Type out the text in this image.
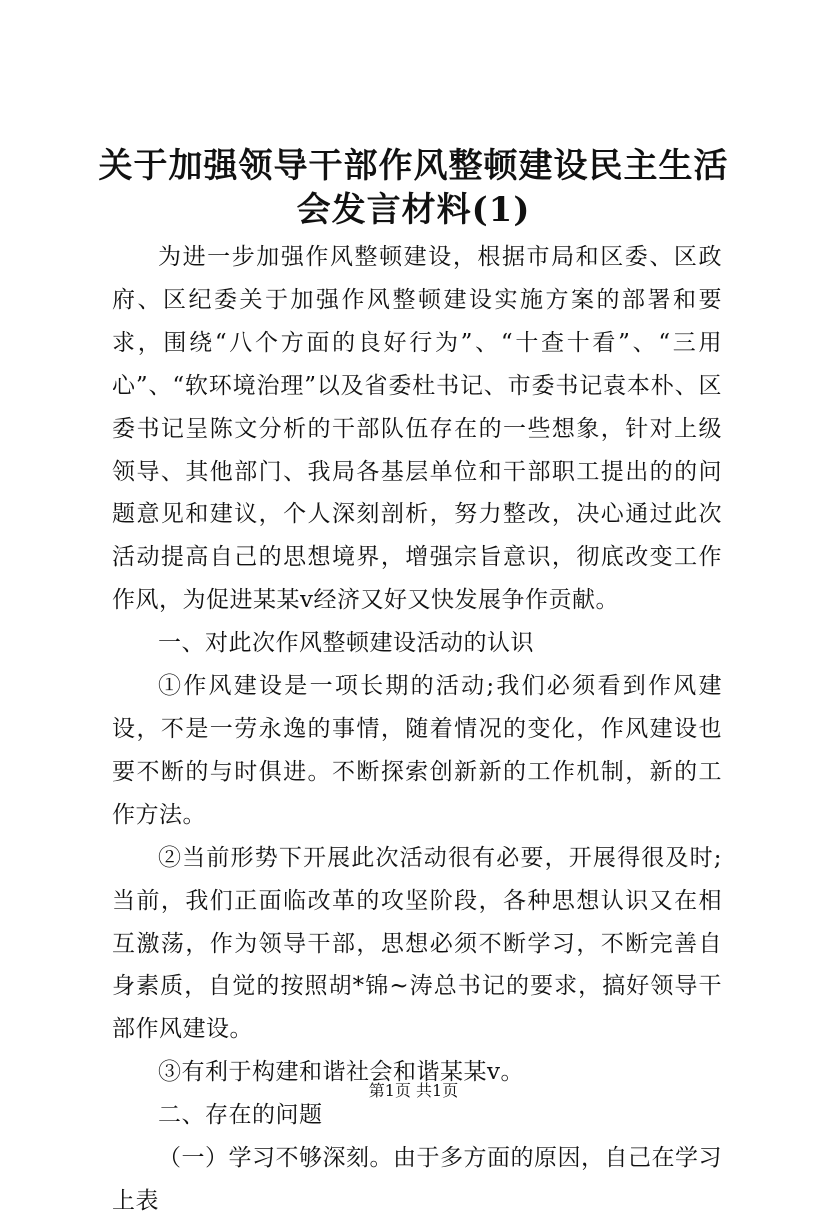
关于加强领导干部作风整顿建设民主生活会发言材料(1)

为进一步加强作风整顿建设，根据市局和区委、区政府、区纪委关于加强作风整顿建设实施方案的部署和要求，围绕“八个方面的良好行为”、“十查十看”、“三用心”、“软环境治理”以及省委杜书记、市委书记袁本朴、区委书记呈陈文分析的干部队伍存在的一些想象，针对上级领导、其他部门、我局各基层单位和干部职工提出的的问题意见和建议，个人深刻剖析，努力整改，决心通过此次活动提高自己的思想境界，增强宗旨意识，彻底改变工作作风，为促进某某v经济又好又快发展争作贡献。

一、对此次作风整顿建设活动的认识

①作风建设是一项长期的活动;我们必须看到作风建设，不是一劳永逸的事情，随着情况的变化，作风建设也要不断的与时俱进。不断探索创新新的工作机制，新的工作方法。

②当前形势下开展此次活动很有必要，开展得很及时;当前，我们正面临改革的攻坚阶段，各种思想认识又在相互激荡，作为领导干部，思想必须不断学习，不断完善自身素质，自觉的按照胡*锦~涛总书记的要求，搞好领导干部作风建设。

③有利于构建和谐社会和谐某某v。

二、存在的问题

（一）学习不够深刻。由于多方面的原因，自己在学习上表

第1页 共1页
